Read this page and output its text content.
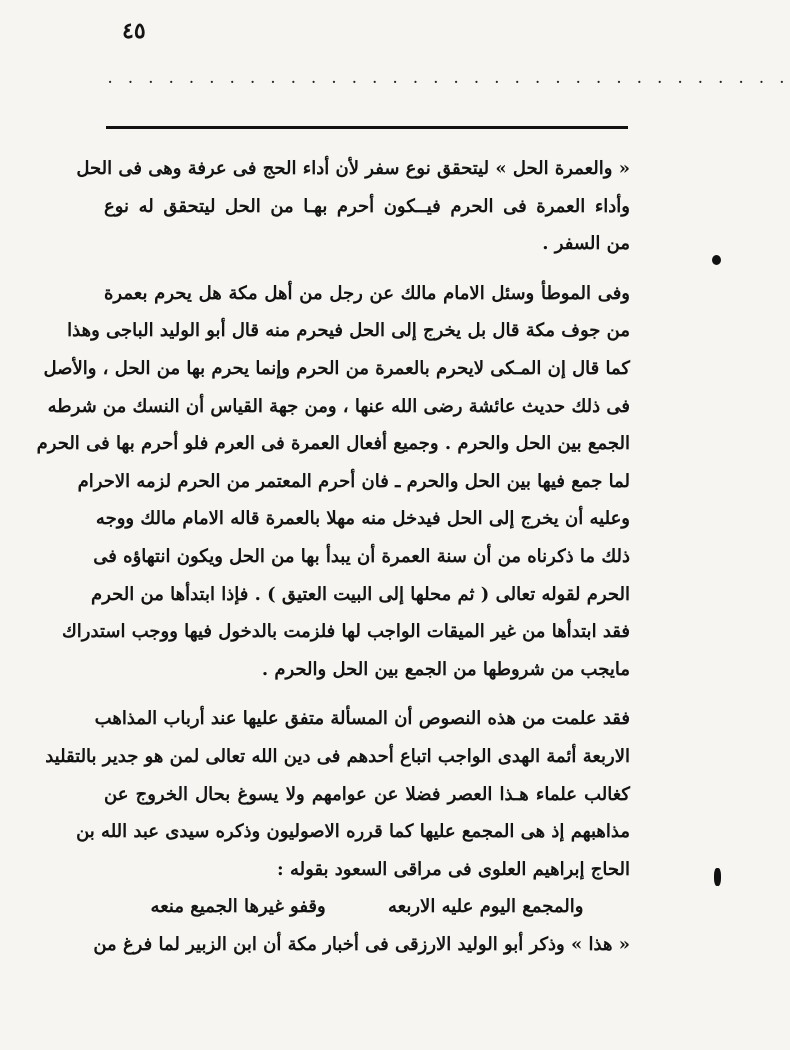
٤٥
. . . . . . . . . . . . . . . . . . . . . . . . . . . . . . . . . .
« والعمرة الحل » ليتحقق نوع سفر لأن أداء الحج فى عرفة وهى فى الحل
وأداء العمرة فى الحرم فيــكون أحرم بهـا من الحل ليتحقق له نوع
من السفر .
وفى الموطأ وسئل الامام مالك عن رجل من أهل مكة هل يحرم بعمرة
من جوف مكة قال بل يخرج إلى الحل فيحرم منه قال أبو الوليد الباجى وهذا
كما قال إن المـكى لايحرم بالعمرة من الحرم وإنما يحرم بها من الحل ، والأصل
فى ذلك حديث عائشة رضى الله عنها ، ومن جهة القياس أن النسك من شرطه
الجمع بين الحل والحرم . وجميع أفعال العمرة فى العرم فلو أحرم بها فى الحرم
لما جمع فيها بين الحل والحرم ـ فان أحرم المعتمر من الحرم لزمه الاحرام
وعليه أن يخرج إلى الحل فيدخل منه مهلا بالعمرة قاله الامام مالك ووجه
ذلك ما ذكرناه من أن سنة العمرة أن يبدأ بها من الحل ويكون انتهاؤه فى
الحرم لقوله تعالى ( ثم محلها إلى البيت العتيق ) . فإذا ابتدأها من الحرم
فقد ابتدأها من غير الميقات الواجب لها فلزمت بالدخول فيها ووجب استدراك
مايجب من شروطها من الجمع بين الحل والحرم .
فقد علمت من هذه النصوص أن المسألة متفق عليها عند أرباب المذاهب
الاربعة أئمة الهدى الواجب اتباع أحدهم فى دين الله تعالى لمن هو جدير بالتقليد
كغالب علماء هـذا العصر فضلا عن عوامهم ولا يسوغ بحال الخروج عن
مذاهبهم إذ هى المجمع عليها كما قرره الاصوليون وذكره سيدى عبد الله بن
الحاج إبراهيم العلوى فى مراقى السعود بقوله :
والمجمع اليوم عليه الاربعه وقفو غيرها الجميع منعه
« هذا » وذكر أبو الوليد الارزقى فى أخبار مكة أن ابن الزبير لما فرغ من
